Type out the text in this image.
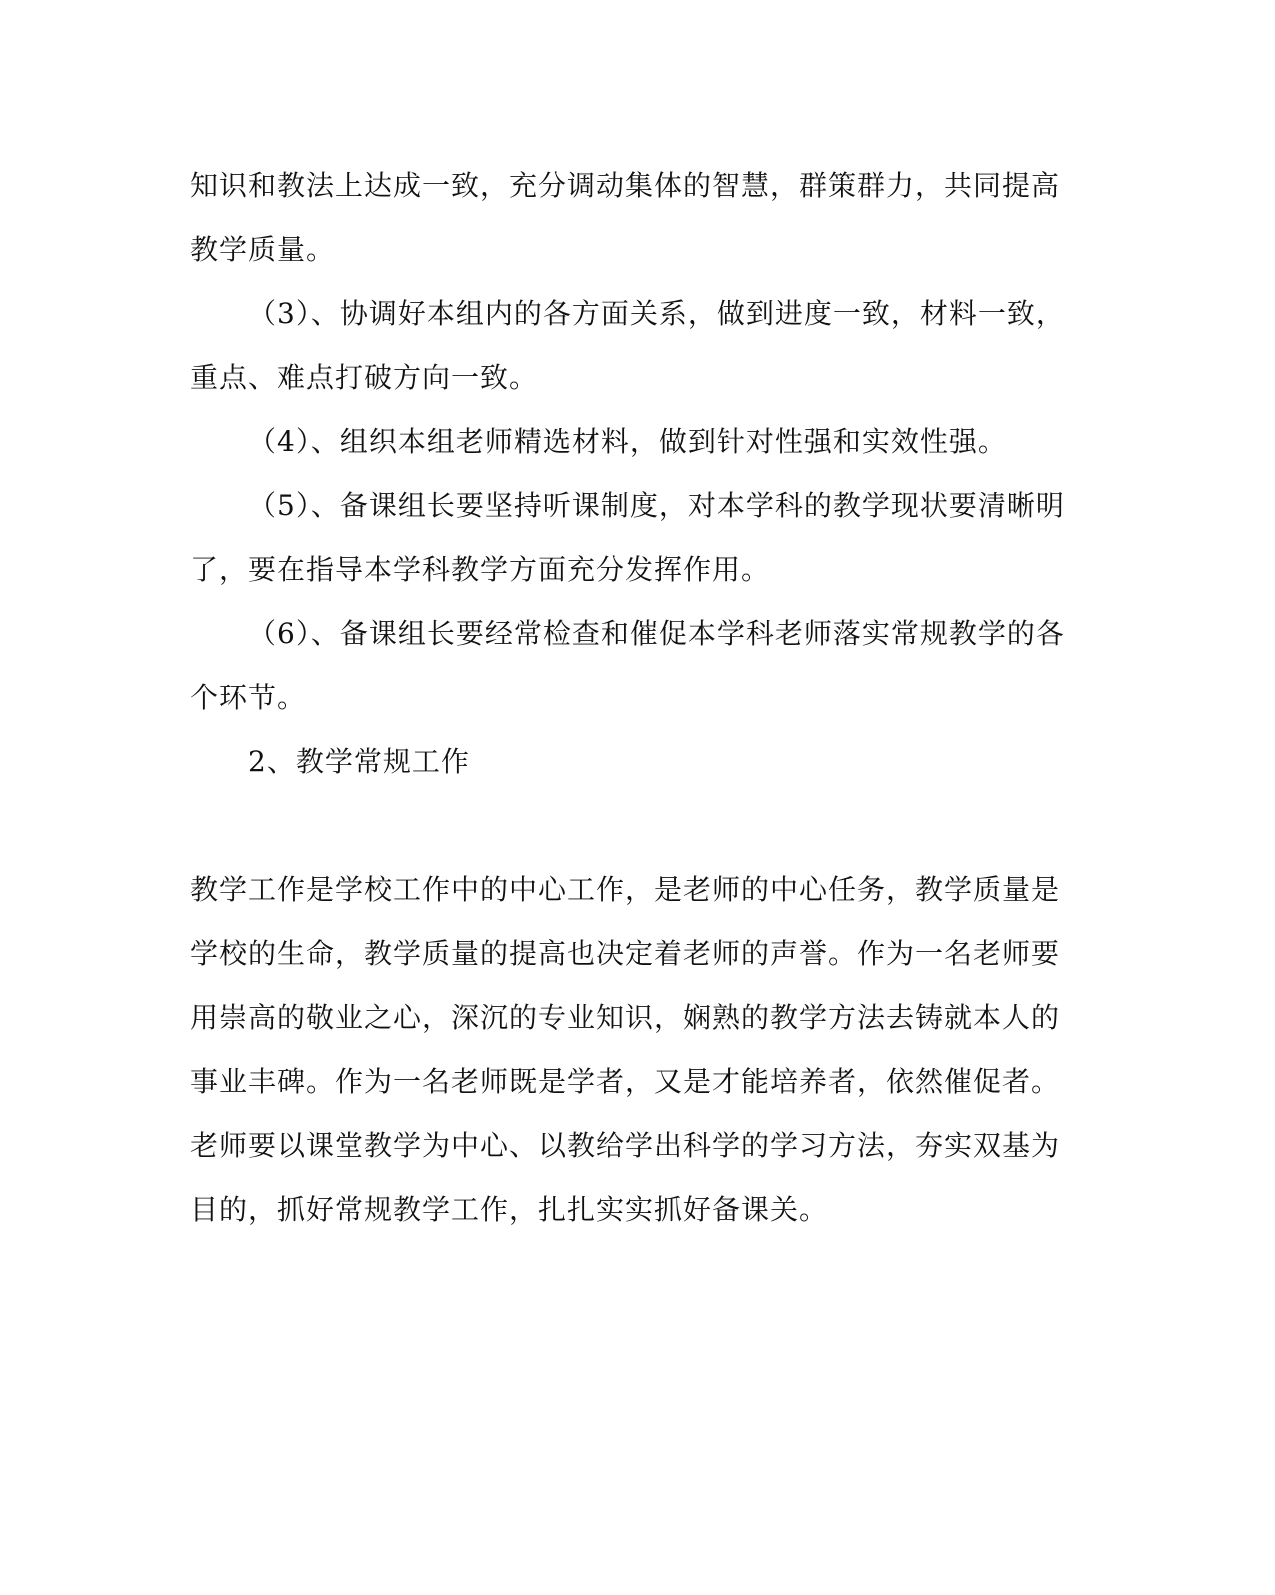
知识和教法上达成一致，充分调动集体的智慧，群策群力，共同提高教学质量。

（3）、协调好本组内的各方面关系，做到进度一致，材料一致，重点、难点打破方向一致。

（4）、组织本组老师精选材料，做到针对性强和实效性强。

（5）、备课组长要坚持听课制度，对本学科的教学现状要清晰明了，要在指导本学科教学方面充分发挥作用。

（6）、备课组长要经常检查和催促本学科老师落实常规教学的各个环节。

2、教学常规工作

教学工作是学校工作中的中心工作，是老师的中心任务，教学质量是学校的生命，教学质量的提高也决定着老师的声誉。作为一名老师要用崇高的敬业之心，深沉的专业知识，娴熟的教学方法去铸就本人的事业丰碑。作为一名老师既是学者，又是才能培养者，依然催促者。老师要以课堂教学为中心、以教给学出科学的学习方法，夯实双基为目的，抓好常规教学工作，扎扎实实抓好备课关。
